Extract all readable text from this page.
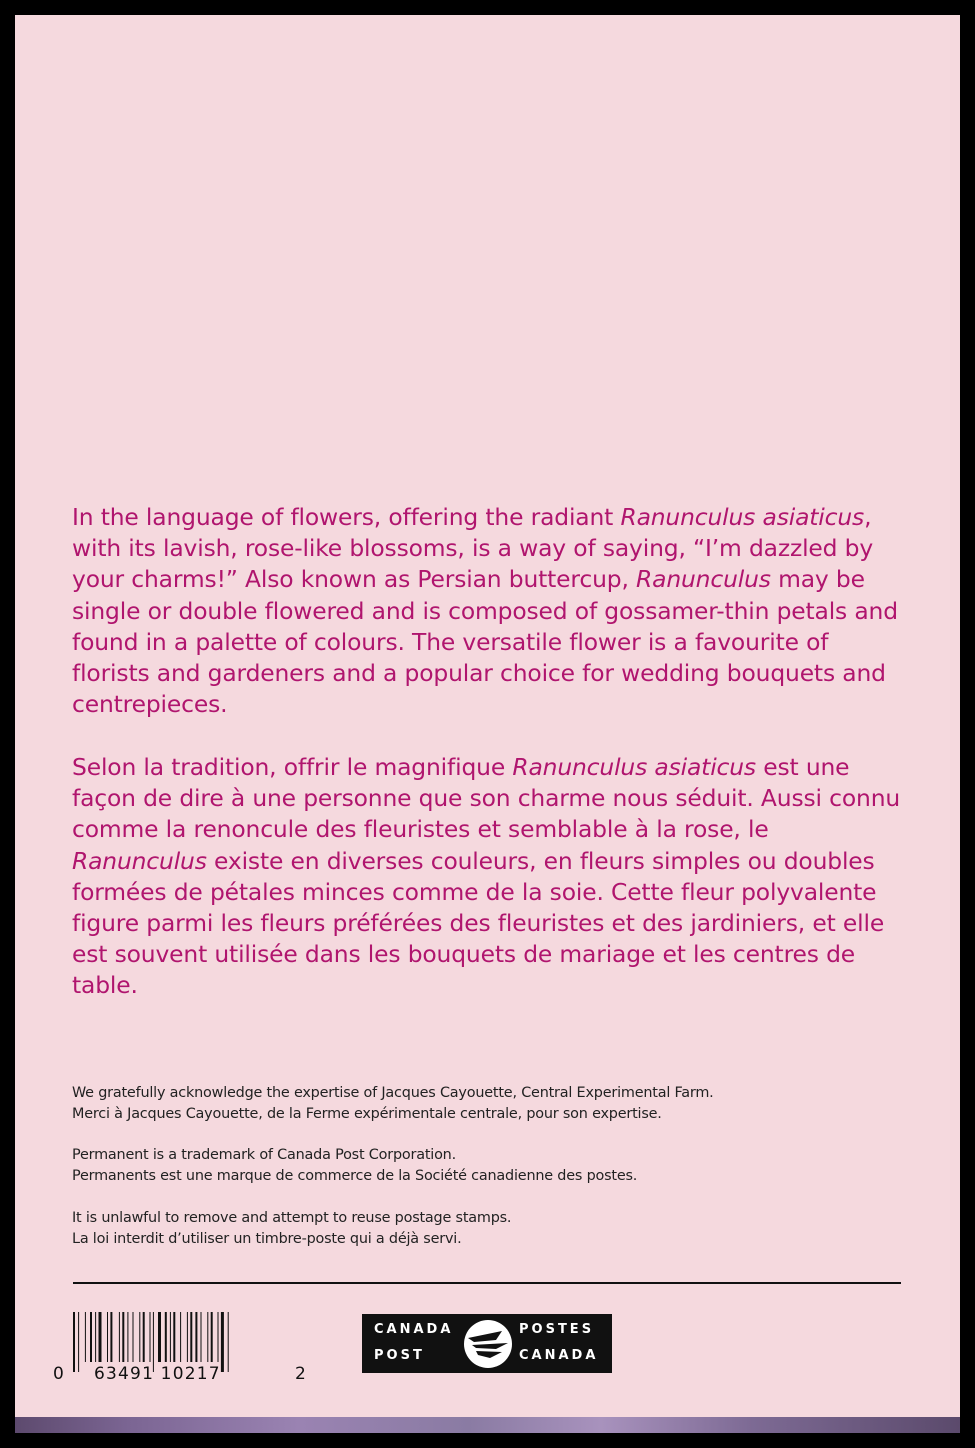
In the language of flowers, offering the radiant Ranunculus asiaticus, with its lavish, rose-like blossoms, is a way of saying, “I’m dazzled by your charms!” Also known as Persian buttercup, Ranunculus may be single or double flowered and is composed of gossamer-thin petals and found in a palette of colours. The versatile flower is a favourite of florists and gardeners and a popular choice for wedding bouquets and centrepieces.

Selon la tradition, offrir le magnifique Ranunculus asiaticus est une façon de dire à une personne que son charme nous séduit. Aussi connu comme la renoncule des fleuristes et semblable à la rose, le Ranunculus existe en diverses couleurs, en fleurs simples ou doubles formées de pétales minces comme de la soie. Cette fleur polyvalente figure parmi les fleurs préférées des fleuristes et des jardiniers, et elle est souvent utilisée dans les bouquets de mariage et les centres de table.

We gratefully acknowledge the expertise of Jacques Cayouette, Central Experimental Farm.
Merci à Jacques Cayouette, de la Ferme expérimentale centrale, pour son expertise.
Permanent is a trademark of Canada Post Corporation.
Permanents est une marque de commerce de la Société canadienne des postes.
It is unlawful to remove and attempt to reuse postage stamps.
La loi interdit d’utiliser un timbre-poste qui a déjà servi.
0 63491 10217	2
CANADA
POST
POSTES
CANADA
